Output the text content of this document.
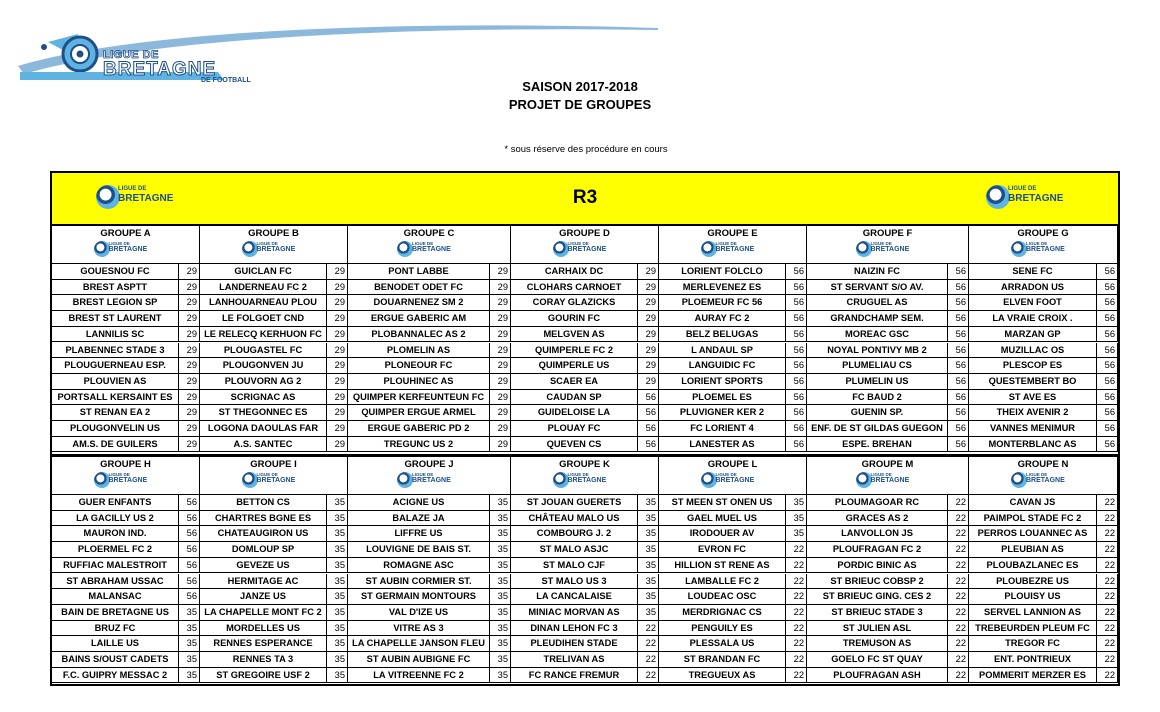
LIGUE DE
BRETAGNE
DE FOOTBALL	SAISON 2017-2018
PROJET DE GROUPES
* sous réserve des procédure en cours
LIGUE DE
BRETAGNE	R3	LIGUE DE
BRETAGNE
GROUPE A
LIGUE DE
BRETAGNE
GOUESNOU FC	29
BREST ASPTT	29
BREST LEGION SP	29
BREST ST LAURENT	29
LANNILIS SC	29
PLABENNEC STADE 3	29
PLOUGUERNEAU ESP.	29
PLOUVIEN AS	29
PORTSALL KERSAINT ES	29
ST RENAN EA 2	29
PLOUGONVELIN US	29
AM.S. DE GUILERS	29
GROUPE B
LIGUE DE
BRETAGNE
GUICLAN FC	29
LANDERNEAU FC 2	29
LANHOUARNEAU PLOU	29
LE FOLGOET CND	29
LE RELECQ KERHUON FC	29
PLOUGASTEL FC	29
PLOUGONVEN JU	29
PLOUVORN AG 2	29
SCRIGNAC AS	29
ST THEGONNEC ES	29
LOGONA DAOULAS FAR	29
A.S. SANTEC	29
GROUPE C
LIGUE DE
BRETAGNE
PONT LABBE	29
BENODET ODET FC	29
DOUARNENEZ SM 2	29
ERGUE GABERIC AM	29
PLOBANNALEC AS 2	29
PLOMELIN AS	29
PLONEOUR FC	29
PLOUHINEC AS	29
QUIMPER KERFEUNTEUN FC	29
QUIMPER ERGUE ARMEL	29
ERGUE GABERIC PD 2	29
TREGUNC US 2	29
GROUPE D
LIGUE DE
BRETAGNE
CARHAIX DC	29
CLOHARS CARNOET	29
CORAY GLAZICKS	29
GOURIN FC	29
MELGVEN AS	29
QUIMPERLE FC 2	29
QUIMPERLE US	29
SCAER EA	29
CAUDAN SP	56
GUIDELOISE LA	56
PLOUAY FC	56
QUEVEN CS	56
GROUPE E
LIGUE DE
BRETAGNE
LORIENT FOLCLO	56
MERLEVENEZ ES	56
PLOEMEUR FC 56	56
AURAY FC 2	56
BELZ BELUGAS	56
L ANDAUL SP	56
LANGUIDIC FC	56
LORIENT SPORTS	56
PLOEMEL ES	56
PLUVIGNER KER 2	56
FC LORIENT 4	56
LANESTER AS	56
GROUPE F
LIGUE DE
BRETAGNE
NAIZIN FC	56
ST SERVANT S/O AV.	56
CRUGUEL AS	56
GRANDCHAMP SEM.	56
MOREAC GSC	56
NOYAL PONTIVY MB 2	56
PLUMELIAU CS	56
PLUMELIN US	56
FC BAUD 2	56
GUENIN SP.	56
ENF. DE ST GILDAS GUEGON	56
ESPE. BREHAN	56
GROUPE G
LIGUE DE
BRETAGNE
SENE FC	56
ARRADON US	56
ELVEN FOOT	56
LA VRAIE CROIX .	56
MARZAN GP	56
MUZILLAC OS	56
PLESCOP ES	56
QUESTEMBERT BO	56
ST AVE ES	56
THEIX AVENIR 2	56
VANNES MENIMUR	56
MONTERBLANC AS	56
GROUPE H
LIGUE DE
BRETAGNE
GUER ENFANTS	56
LA GACILLY US 2	56
MAURON IND.	56
PLOERMEL FC 2	56
RUFFIAC MALESTROIT	56
ST ABRAHAM USSAC	56
MALANSAC	56
BAIN DE BRETAGNE US	35
BRUZ FC	35
LAILLE US	35
BAINS S/OUST CADETS	35
F.C. GUIPRY MESSAC 2	35
GROUPE I
LIGUE DE
BRETAGNE
BETTON CS	35
CHARTRES BGNE ES	35
CHATEAUGIRON US	35
DOMLOUP SP	35
GEVEZE US	35
HERMITAGE AC	35
JANZE US	35
LA CHAPELLE MONT FC 2	35
MORDELLES US	35
RENNES ESPERANCE	35
RENNES TA 3	35
ST GREGOIRE USF 2	35
GROUPE J
LIGUE DE
BRETAGNE
ACIGNE US	35
BALAZE JA	35
LIFFRE US	35
LOUVIGNE DE BAIS ST.	35
ROMAGNE ASC	35
ST AUBIN CORMIER ST.	35
ST GERMAIN MONTOURS	35
VAL D'IZE US	35
VITRE AS 3	35
LA CHAPELLE JANSON FLEU	35
ST AUBIN AUBIGNE FC	35
LA VITREENNE FC 2	35
GROUPE K
LIGUE DE
BRETAGNE
ST JOUAN GUERETS	35
CHÂTEAU MALO US	35
COMBOURG J. 2	35
ST MALO ASJC	35
ST MALO CJF	35
ST MALO US 3	35
LA CANCALAISE	35
MINIAC MORVAN AS	35
DINAN LEHON FC 3	22
PLEUDIHEN STADE	22
TRELIVAN AS	22
FC RANCE FREMUR	22
GROUPE L
LIGUE DE
BRETAGNE
ST MEEN ST ONEN US	35
GAEL MUEL US	35
IRODOUER AV	35
EVRON FC	22
HILLION ST RENE AS	22
LAMBALLE FC 2	22
LOUDEAC OSC	22
MERDRIGNAC CS	22
PENGUILY ES	22
PLESSALA US	22
ST BRANDAN FC	22
TREGUEUX AS	22
GROUPE M
LIGUE DE
BRETAGNE
PLOUMAGOAR RC	22
GRACES AS 2	22
LANVOLLON JS	22
PLOUFRAGAN FC 2	22
PORDIC BINIC AS	22
ST BRIEUC COBSP 2	22
ST BRIEUC GING. CES 2	22
ST BRIEUC STADE 3	22
ST JULIEN ASL	22
TREMUSON AS	22
GOELO FC ST QUAY	22
PLOUFRAGAN ASH	22
GROUPE N
LIGUE DE
BRETAGNE
CAVAN JS	22
PAIMPOL STADE FC 2	22
PERROS LOUANNEC AS	22
PLEUBIAN AS	22
PLOUBAZLANEC ES	22
PLOUBEZRE US	22
PLOUISY US	22
SERVEL LANNION AS	22
TREBEURDEN PLEUM FC	22
TREGOR FC	22
ENT. PONTRIEUX	22
POMMERIT MERZER ES	22
